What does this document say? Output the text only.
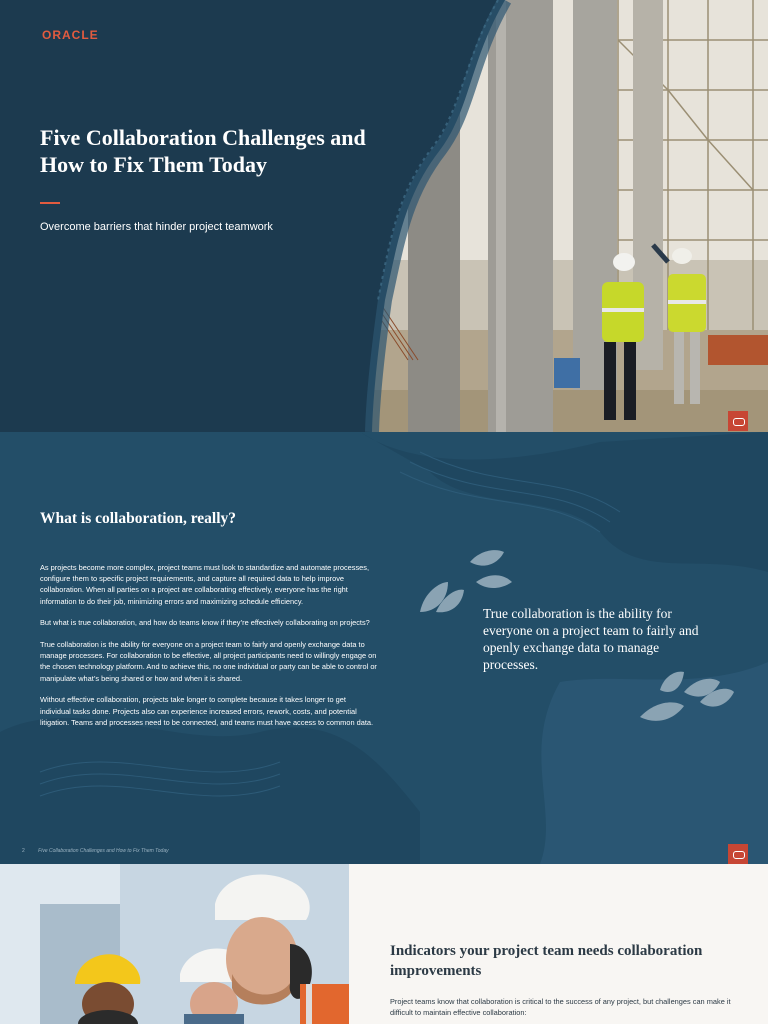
ORACLE
Five Collaboration Challenges and How to Fix Them Today
Overcome barriers that hinder project teamwork
What is collaboration, really?

As projects become more complex, project teams must look to standardize and automate processes, configure them to specific project requirements, and capture all required data to help improve collaboration. When all parties on a project are collaborating effectively, everyone has the right information to do their job, minimizing errors and maximizing schedule efficiency.

But what is true collaboration, and how do teams know if they’re effectively collaborating on projects?

True collaboration is the ability for everyone on a project team to fairly and openly exchange data to manage processes. For collaboration to be effective, all project participants need to willingly engage on the chosen technology platform. And to achieve this, no one individual or party can be able to control or manipulate what’s being shared or how and when it is shared.

Without effective collaboration, projects take longer to complete because it takes longer to get individual tasks done. Projects also can experience increased errors, rework, costs, and potential litigation. Teams and processes need to be connected, and teams must have access to common data.

True collaboration is the ability for everyone on a project team to fairly and openly exchange data to manage processes.
2	Five Collaboration Challenges and How to Fix Them Today
Indicators your project team needs collaboration improvements

Project teams know that collaboration is critical to the success of any project, but challenges can make it difficult to maintain effective collaboration:
